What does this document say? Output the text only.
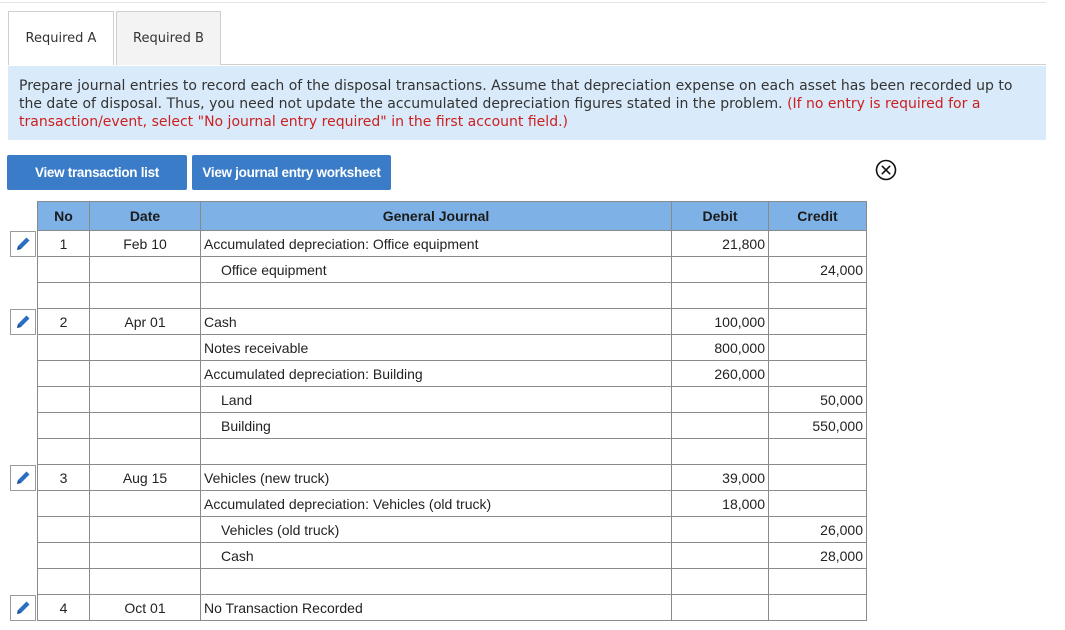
Required A	Required B
Prepare journal entries to record each of the disposal transactions. Assume that depreciation expense on each asset has been recorded up to the date of disposal. Thus, you need not update the accumulated depreciation figures stated in the problem. (If no entry is required for a transaction/event, select "No journal entry required" in the first account field.)
View transaction list	View journal entry worksheet
No	Date	General Journal	Debit	Credit
1	Feb 10	Accumulated depreciation: Office equipment	21,800	
		Office equipment		24,000

2	Apr 01	Cash	100,000	
		Notes receivable	800,000	
		Accumulated depreciation: Building	260,000	
		Land		50,000
		Building		550,000

3	Aug 15	Vehicles (new truck)	39,000	
		Accumulated depreciation: Vehicles (old truck)	18,000	
		Vehicles (old truck)		26,000
		Cash		28,000

4	Oct 01	No Transaction Recorded		
